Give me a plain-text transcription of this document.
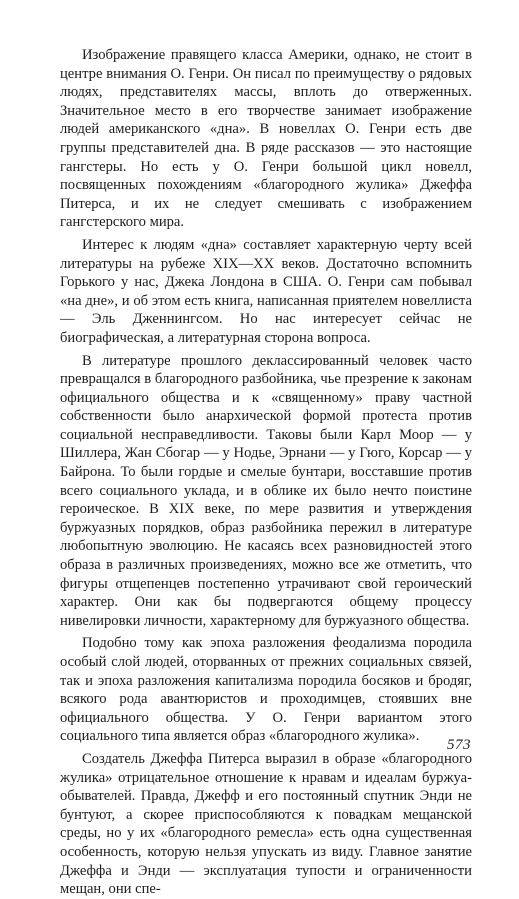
Изображение правящего класса Америки, однако, не стоит в центре внимания О. Генри. Он писал по преимуществу о рядовых людях, представителях массы, вплоть до отверженных. Значительное место в его творчестве занимает изображение людей американского «дна». В новеллах О. Генри есть две группы представителей дна. В ряде рассказов — это настоящие гангстеры. Но есть у О. Генри большой цикл новелл, посвященных похождениям «благородного жулика» Джеффа Питерса, и их не следует смешивать с изображением гангстерского мира.

Интерес к людям «дна» составляет характерную черту всей литературы на рубеже XIX—XX веков. Достаточно вспомнить Горького у нас, Джека Лондона в США. О. Генри сам побывал «на дне», и об этом есть книга, написанная приятелем новеллиста — Эль Дженнингсом. Но нас интересует сейчас не биографическая, а литературная сторона вопроса.

В литературе прошлого деклассированный человек часто превращался в благородного разбойника, чье презрение к законам официального общества и к «священному» праву частной собственности было анархической формой протеста против социальной несправедливости. Таковы были Карл Моор — у Шиллера, Жан Сбогар — у Нодье, Эрнани — у Гюго, Корсар — у Байрона. То были гордые и смелые бунтари, восставшие против всего социального уклада, и в облике их было нечто поистине героическое. В XIX веке, по мере развития и утверждения буржуазных порядков, образ разбойника пережил в литературе любопытную эволюцию. Не касаясь всех разновидностей этого образа в различных произведениях, можно все же отметить, что фигуры отщепенцев постепенно утрачивают свой героический характер. Они как бы подвергаются общему процессу нивелировки личности, характерному для буржуазного общества.

Подобно тому как эпоха разложения феодализма породила особый слой людей, оторванных от прежних социальных связей, так и эпоха разложения капитализма породила босяков и бродяг, всякого рода авантюристов и проходимцев, стоявших вне официального общества. У О. Генри вариантом этого социального типа является образ «благородного жулика».

Создатель Джеффа Питерса выразил в образе «благородного жулика» отрицательное отношение к нравам и идеалам буржуа-обывателей. Правда, Джефф и его постоянный спутник Энди не бунтуют, а скорее приспособляются к повадкам мещанской среды, но у их «благородного ремесла» есть одна существенная особенность, которую нельзя упускать из виду. Главное занятие Джеффа и Энди — эксплуатация тупости и ограниченности мещан, они спе-

573
